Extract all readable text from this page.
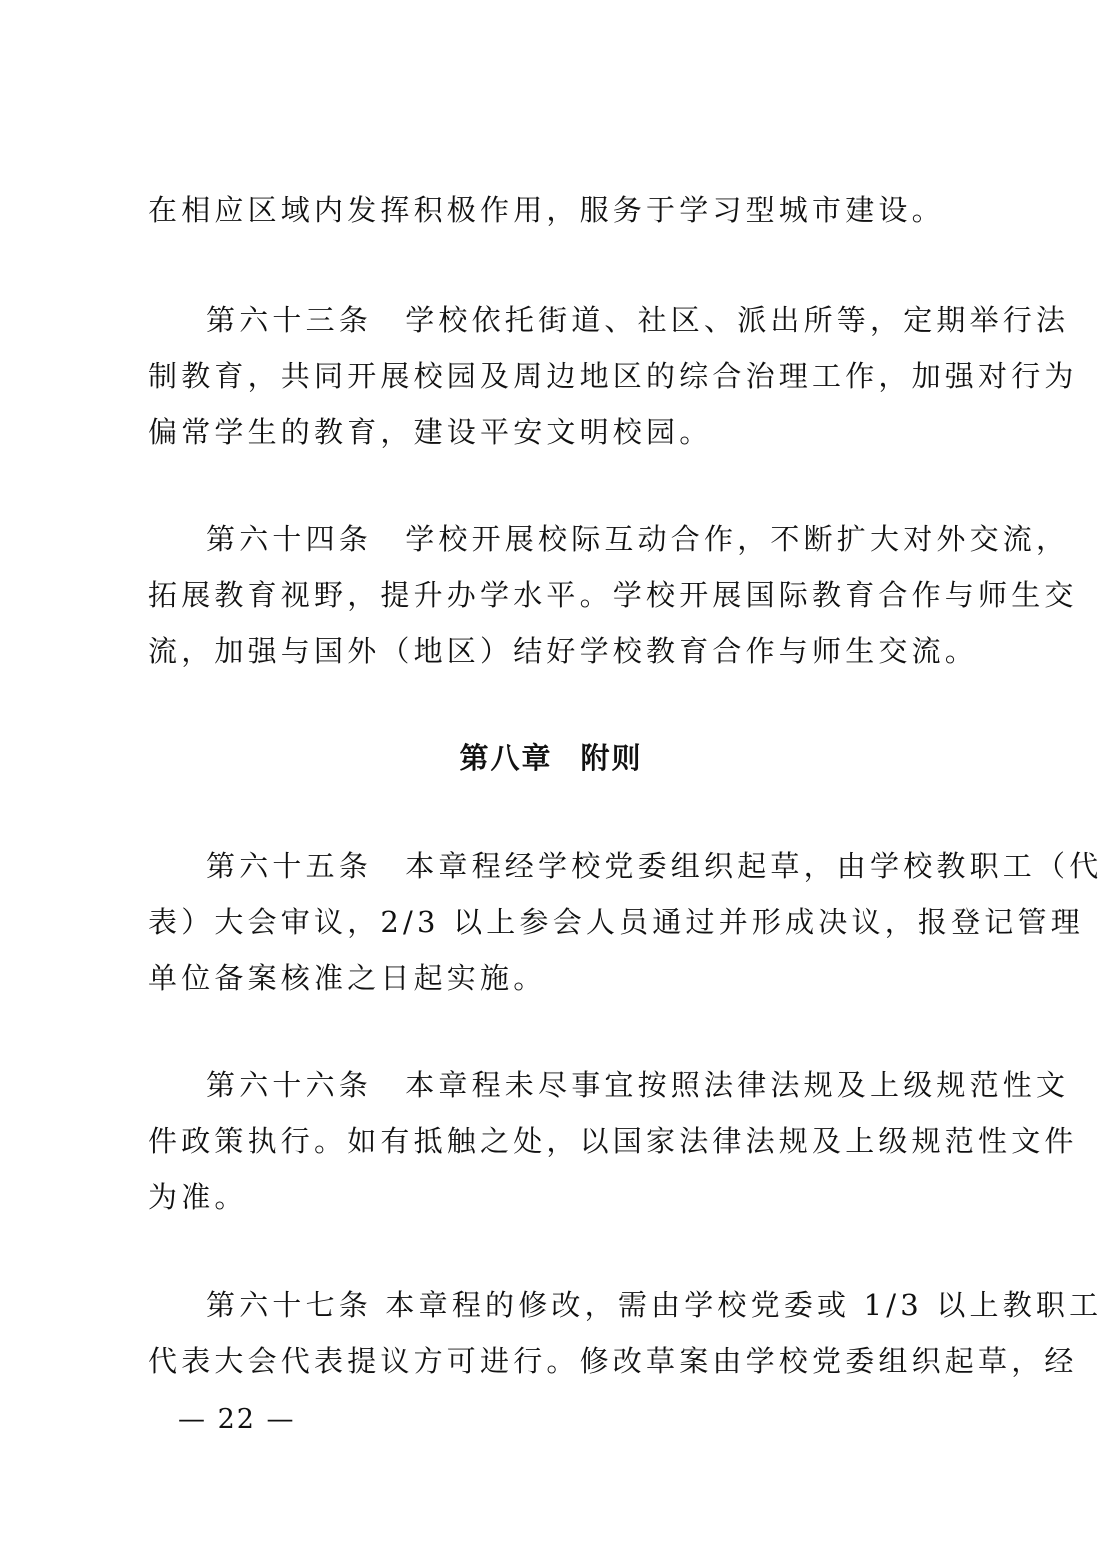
在相应区域内发挥积极作用，服务于学习型城市建设。
第六十三条　学校依托街道、社区、派出所等，定期举行法
制教育，共同开展校园及周边地区的综合治理工作，加强对行为
偏常学生的教育，建设平安文明校园。
第六十四条　学校开展校际互动合作，不断扩大对外交流，
拓展教育视野，提升办学水平。学校开展国际教育合作与师生交
流，加强与国外（地区）结好学校教育合作与师生交流。
第八章 附则
第六十五条　本章程经学校党委组织起草，由学校教职工（代
表）大会审议，2/3 以上参会人员通过并形成决议，报登记管理
单位备案核准之日起实施。
第六十六条　本章程未尽事宜按照法律法规及上级规范性文
件政策执行。如有抵触之处，以国家法律法规及上级规范性文件
为准。
第六十七条 本章程的修改，需由学校党委或 1/3 以上教职工
代表大会代表提议方可进行。修改草案由学校党委组织起草，经
— 22 —
